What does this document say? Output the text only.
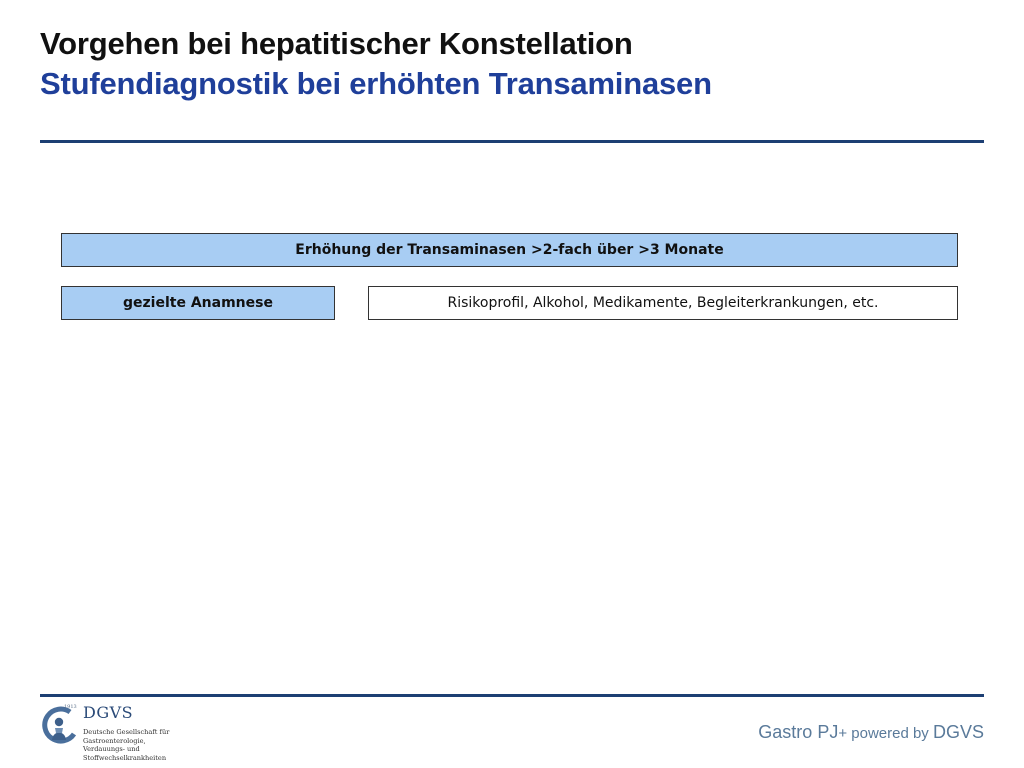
Vorgehen bei hepatitischer Konstellation
Stufendiagnostik bei erhöhten Transaminasen
Erhöhung der Transaminasen >2-fach über >3 Monate
gezielte Anamnese	Risikoprofil, Alkohol, Medikamente, Begleiterkrankungen, etc.
1913 DGVS
Deutsche Gesellschaft für
Gastroenterologie,
Verdauungs- und
Stoffwechselkrankheiten
Gastro PJ+ powered by DGVS
